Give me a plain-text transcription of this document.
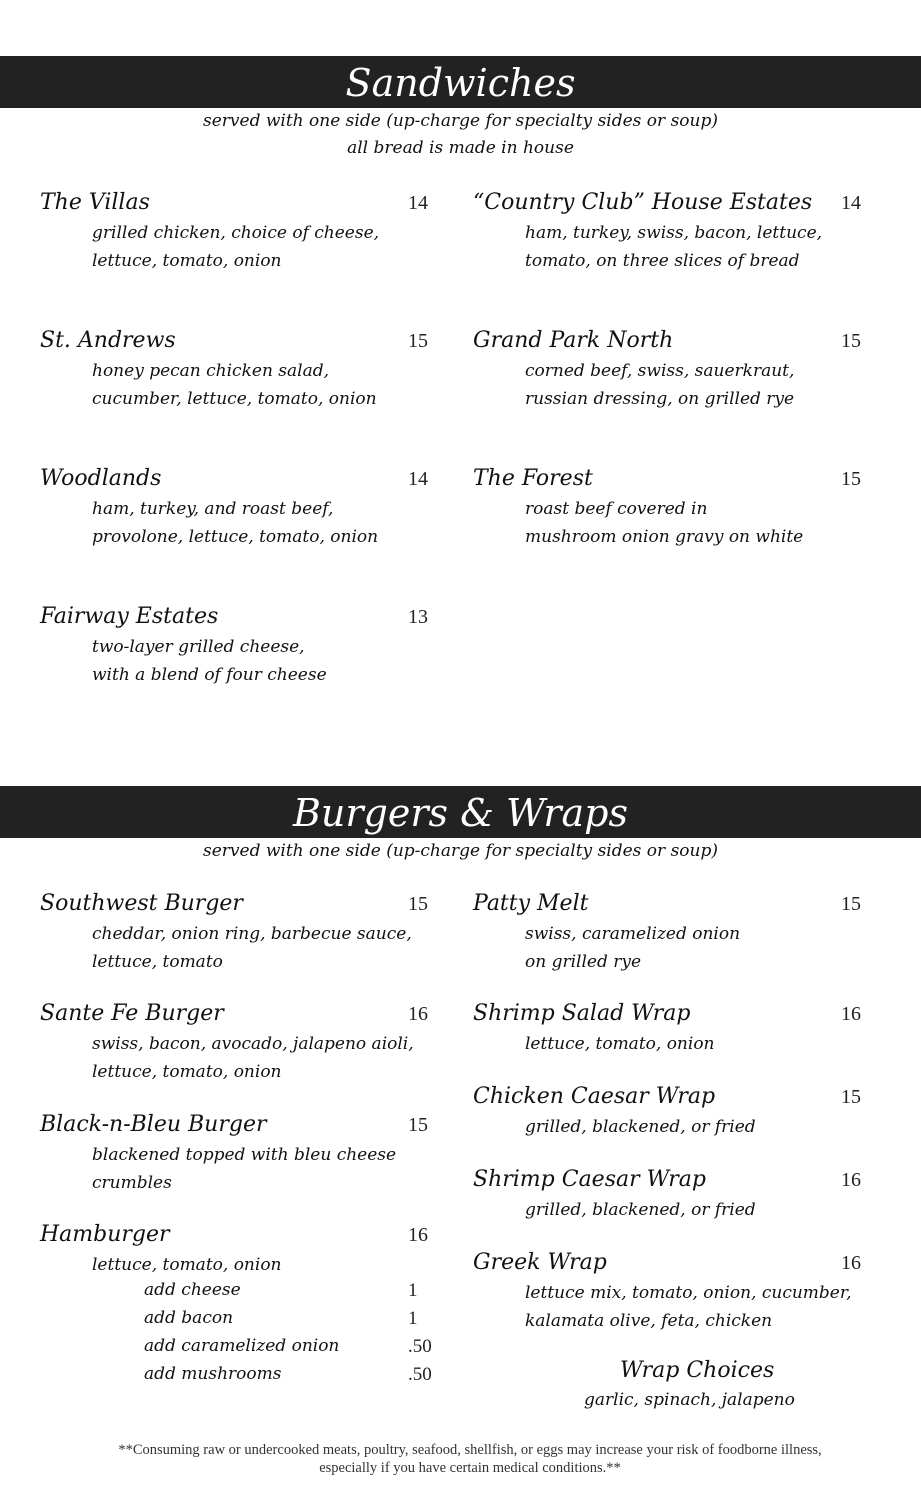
Sandwiches
served with one side (up-charge for specialty sides or soup)
all bread is made in house
The Villas	14
grilled chicken, choice of cheese,
lettuce, tomato, onion
“Country Club” House Estates 14
ham, turkey, swiss, bacon, lettuce,
tomato, on three slices of bread
St. Andrews	15
honey pecan chicken salad,
cucumber, lettuce, tomato, onion
Grand Park North	15
corned beef, swiss, sauerkraut,
russian dressing, on grilled rye
Woodlands	14
ham, turkey, and roast beef,
provolone, lettuce, tomato, onion
The Forest	15
roast beef covered in
mushroom onion gravy on white
Fairway Estates	13
two-layer grilled cheese,
with a blend of four cheese
Burgers & Wraps
served with one side (up-charge for specialty sides or soup)
Southwest Burger	15
cheddar, onion ring, barbecue sauce,
lettuce, tomato
Patty Melt	15
swiss, caramelized onion
on grilled rye
Sante Fe Burger	16
swiss, bacon, avocado, jalapeno aioli,
lettuce, tomato, onion
Shrimp Salad Wrap	16
lettuce, tomato, onion
Black-n-Bleu Burger	15
blackened topped with bleu cheese
crumbles
Chicken Caesar Wrap	15
grilled, blackened, or fried
Shrimp Caesar Wrap	16
grilled, blackened, or fried
Hamburger	16
lettuce, tomato, onion
add cheese	1
add bacon	1
add caramelized onion	.50
add mushrooms	.50
Greek Wrap	16
lettuce mix, tomato, onion, cucumber,
kalamata olive, feta, chicken
Wrap Choices
garlic, spinach, jalapeno
**Consuming raw or undercooked meats, poultry, seafood, shellfish, or eggs may increase your risk of foodborne illness,
especially if you have certain medical conditions.**
